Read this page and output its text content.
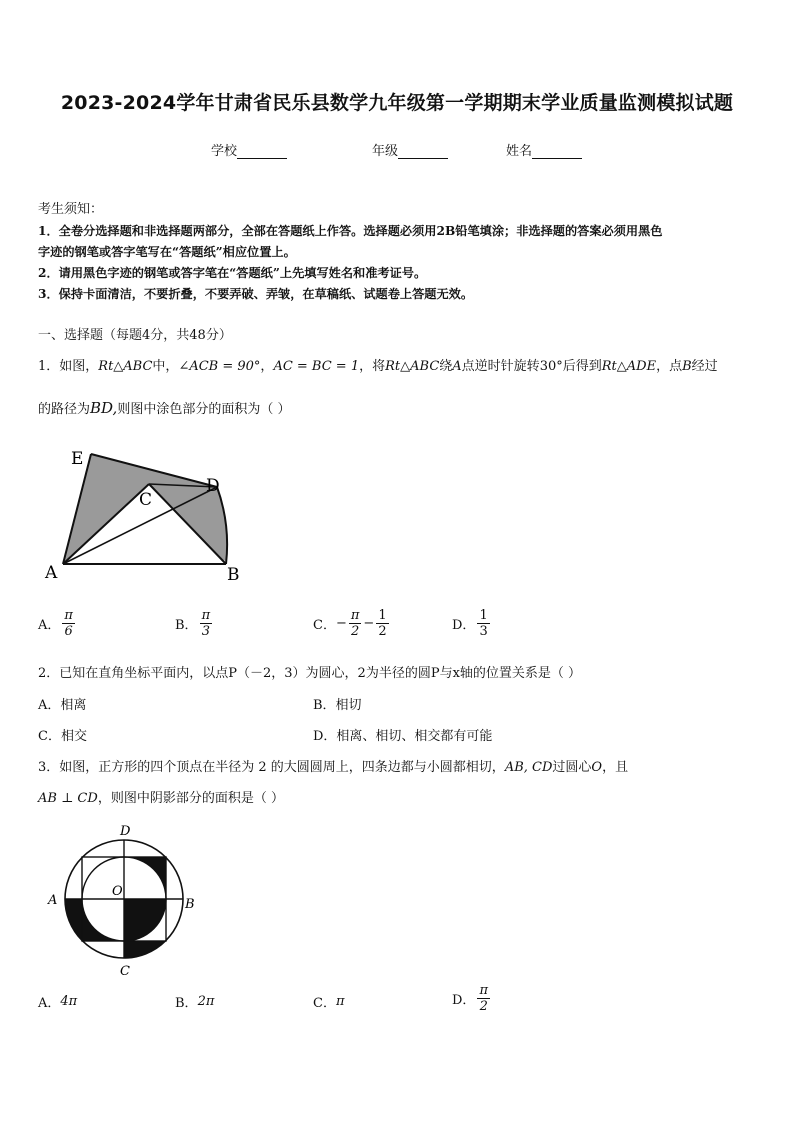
2023-2024学年甘肃省民乐县数学九年级第一学期期末学业质量监测模拟试题
学校	年级	姓名
考生须知：
1．全卷分选择题和非选择题两部分，全部在答题纸上作答。选择题必须用2B铅笔填涂；非选择题的答案必须用黑色
字迹的钢笔或答字笔写在“答题纸”相应位置上。
2．请用黑色字迹的钢笔或答字笔在“答题纸”上先填写姓名和准考证号。
3．保持卡面清洁，不要折叠，不要弄破、弄皱，在草稿纸、试题卷上答题无效。
一、选择题（每题4分，共48分）
1．如图，Rt△ABC中，∠ACB = 90°，AC = BC = 1，将Rt△ABC绕A点逆时针旋转30°后得到Rt△ADE，点B经过
的路径为BD,则图中涂色部分的面积为（ ）
E
C
D
A	B
A． $\frac{\pi}{6}$	B． $\frac{\pi}{3}$	C． − $\frac{\pi}{2} - \frac{1}{2}$	D． $\frac{1}{3}$
2．已知在直角坐标平面内，以点P（－2，3）为圆心，2为半径的圆P与x轴的位置关系是（ ）
A．相离	B．相切
C．相交	D．相离、相切、相交都有可能
3．如图，正方形的四个顶点在半径为 2 的大圆圆周上，四条边都与小圆都相切，AB, CD过圆心O，且
AB ⊥ CD，则图中阴影部分的面积是（ ）
D
A
O
B
C
A． 4π	B． 2π	C． π	D． $\frac{\pi}{2}$
